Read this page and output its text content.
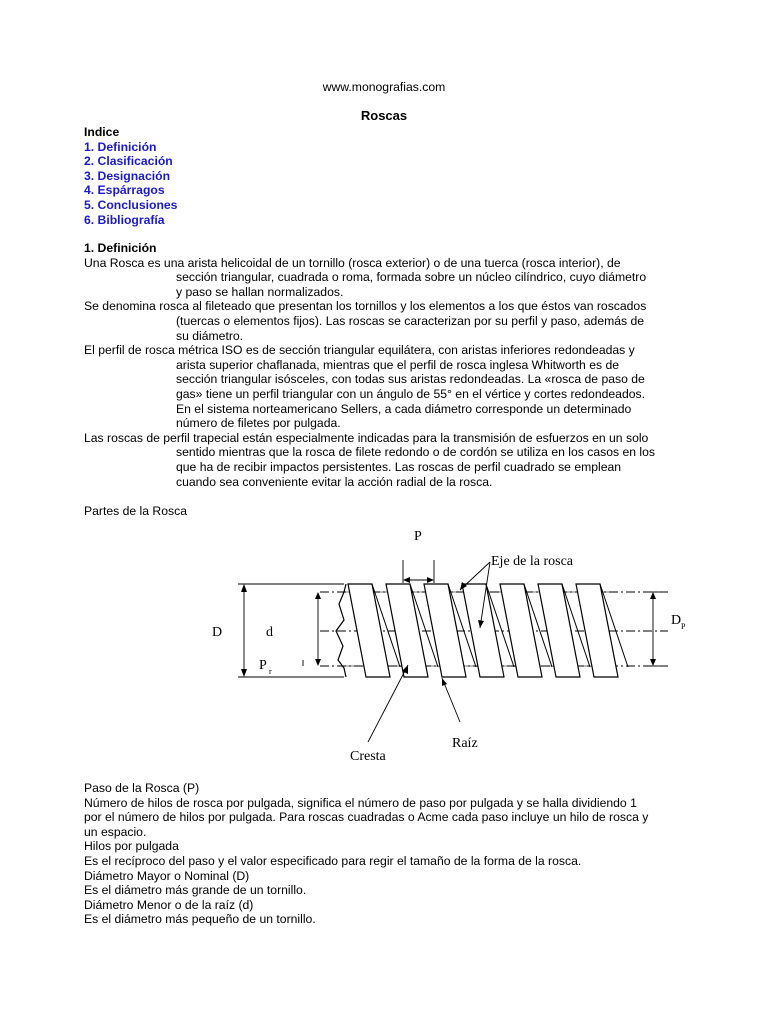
www.monografias.com
Roscas
Indice
1. Definición
2. Clasificación
3. Designación
4. Espárragos
5. Conclusiones
6. Bibliografía
1. Definición

Una Rosca es una arista helicoidal de un tornillo (rosca exterior) o de una tuerca (rosca interior), de
sección triangular, cuadrada o roma, formada sobre un núcleo cilíndrico, cuyo diámetro
y paso se hallan normalizados.

Se denomina rosca al fileteado que presentan los tornillos y los elementos a los que éstos van roscados
(tuercas o elementos fijos). Las roscas se caracterizan por su perfil y paso, además de
su diámetro.

El perfil de rosca métrica ISO es de sección triangular equilátera, con aristas inferiores redondeadas y
arista superior chaflanada, mientras que el perfil de rosca inglesa Whitworth es de
sección triangular isósceles, con todas sus aristas redondeadas. La «rosca de paso de
gas» tiene un perfil triangular con un ángulo de 55° en el vértice y cortes redondeados.
En el sistema norteamericano Sellers, a cada diámetro corresponde un determinado
número de filetes por pulgada.

Las roscas de perfil trapecial están especialmente indicadas para la transmisión de esfuerzos en un solo
sentido mientras que la rosca de filete redondo o de cordón se utiliza en los casos en los
que ha de recibir impactos persistentes. Las roscas de perfil cuadrado se emplean
cuando sea conveniente evitar la acción radial de la rosca.

Partes de la Rosca
P
Eje de la rosca
D	d
P r
D P
Cresta
Raíz
Paso de la Rosca (P)
Número de hilos de rosca por pulgada, significa el número de paso por pulgada y se halla dividiendo 1
por el número de hilos por pulgada. Para roscas cuadradas o Acme cada paso incluye un hilo de rosca y
un espacio.
Hilos por pulgada
Es el recíproco del paso y el valor especificado para regir el tamaño de la forma de la rosca.
Diámetro Mayor o Nominal (D)
Es el diámetro más grande de un tornillo.
Diámetro Menor o de la raíz (d)
Es el diámetro más pequeño de un tornillo.
